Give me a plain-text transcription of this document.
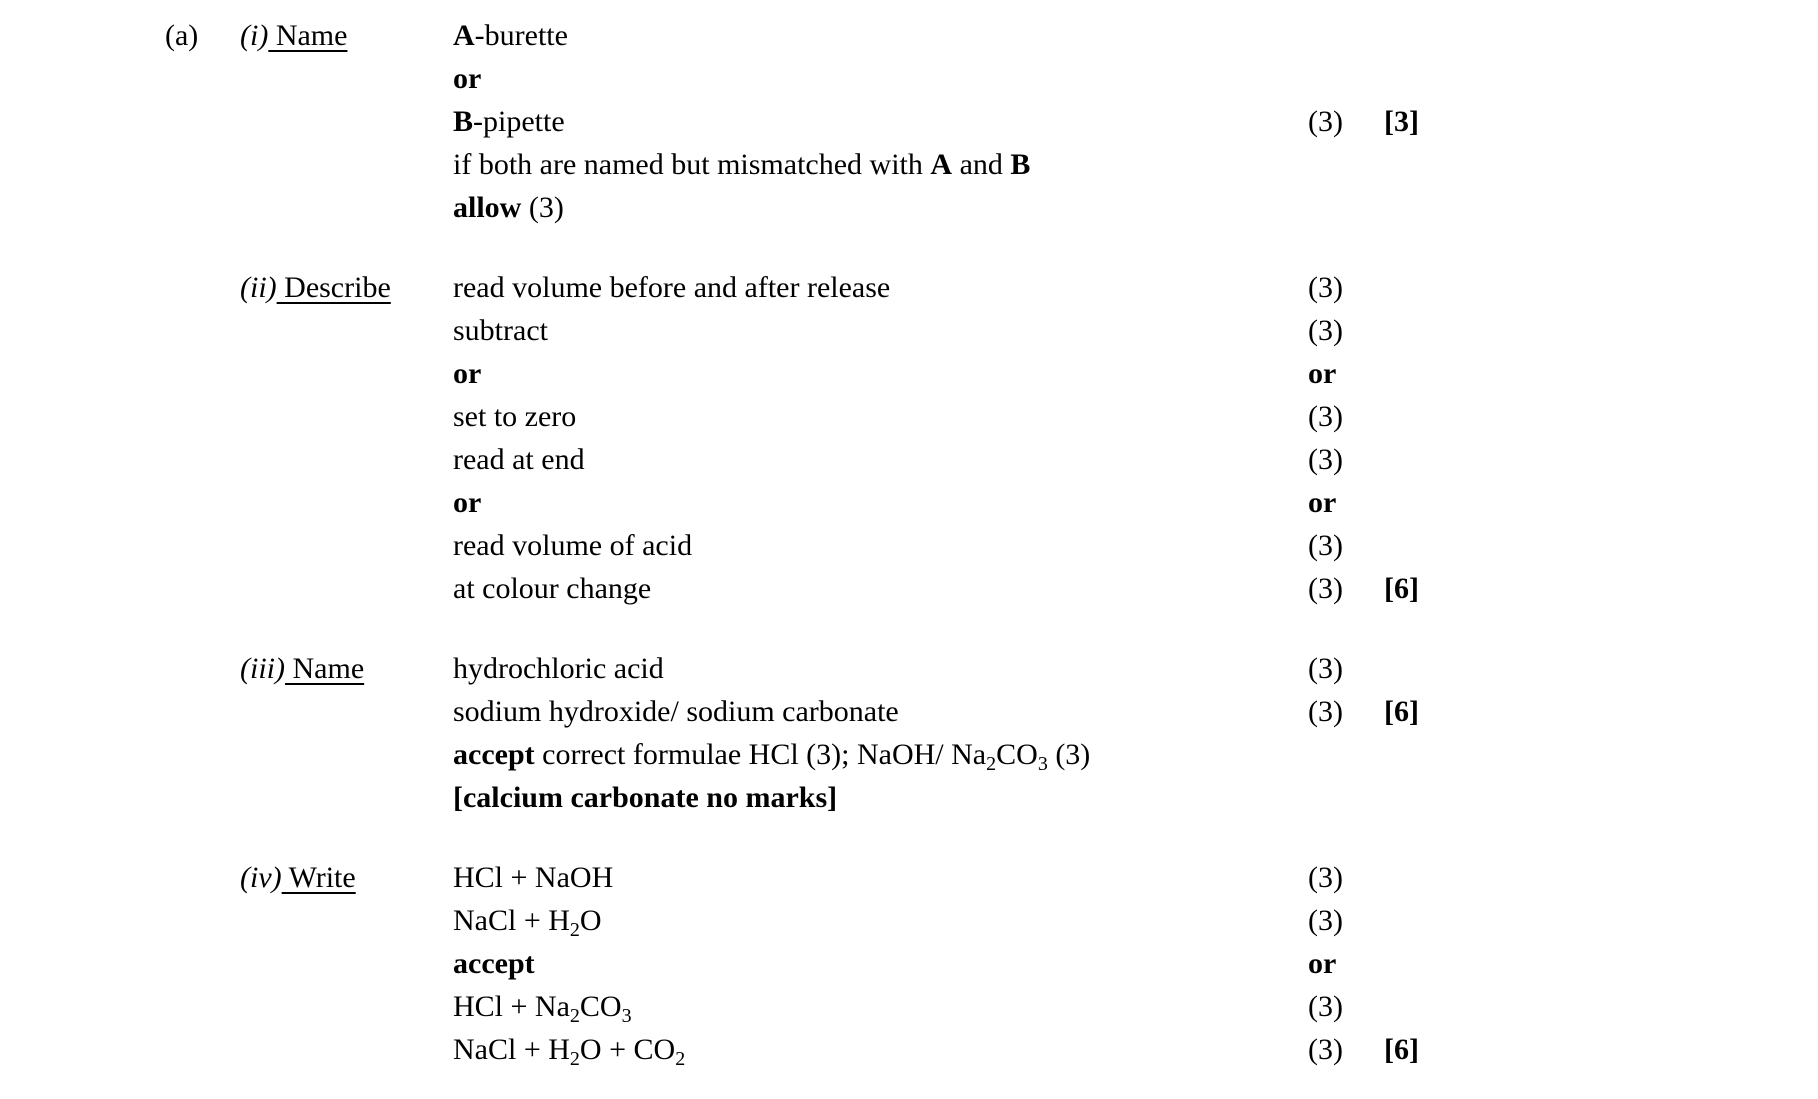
(a)	(i) Name	A-burette
or
B-pipette	(3)	[3]
if both are named but mismatched with A and B
allow (3)
(ii) Describe	read volume before and after release	(3)
subtract	(3)
or	or
set to zero	(3)
read at end	(3)
or	or
read volume of acid	(3)
at colour change	(3)	[6]
(iii) Name	hydrochloric acid	(3)
sodium hydroxide/ sodium carbonate	(3)	[6]
accept correct formulae HCl (3); NaOH/ $Na_2CO_3$ (3)
[calcium carbonate no marks]
(iv) Write	HCl + NaOH	(3)
NaCl + $H_2O$	(3)
accept	or
HCl + $Na_2CO_3$	(3)
NaCl + $H_2O + CO_2$	(3)	[6]
